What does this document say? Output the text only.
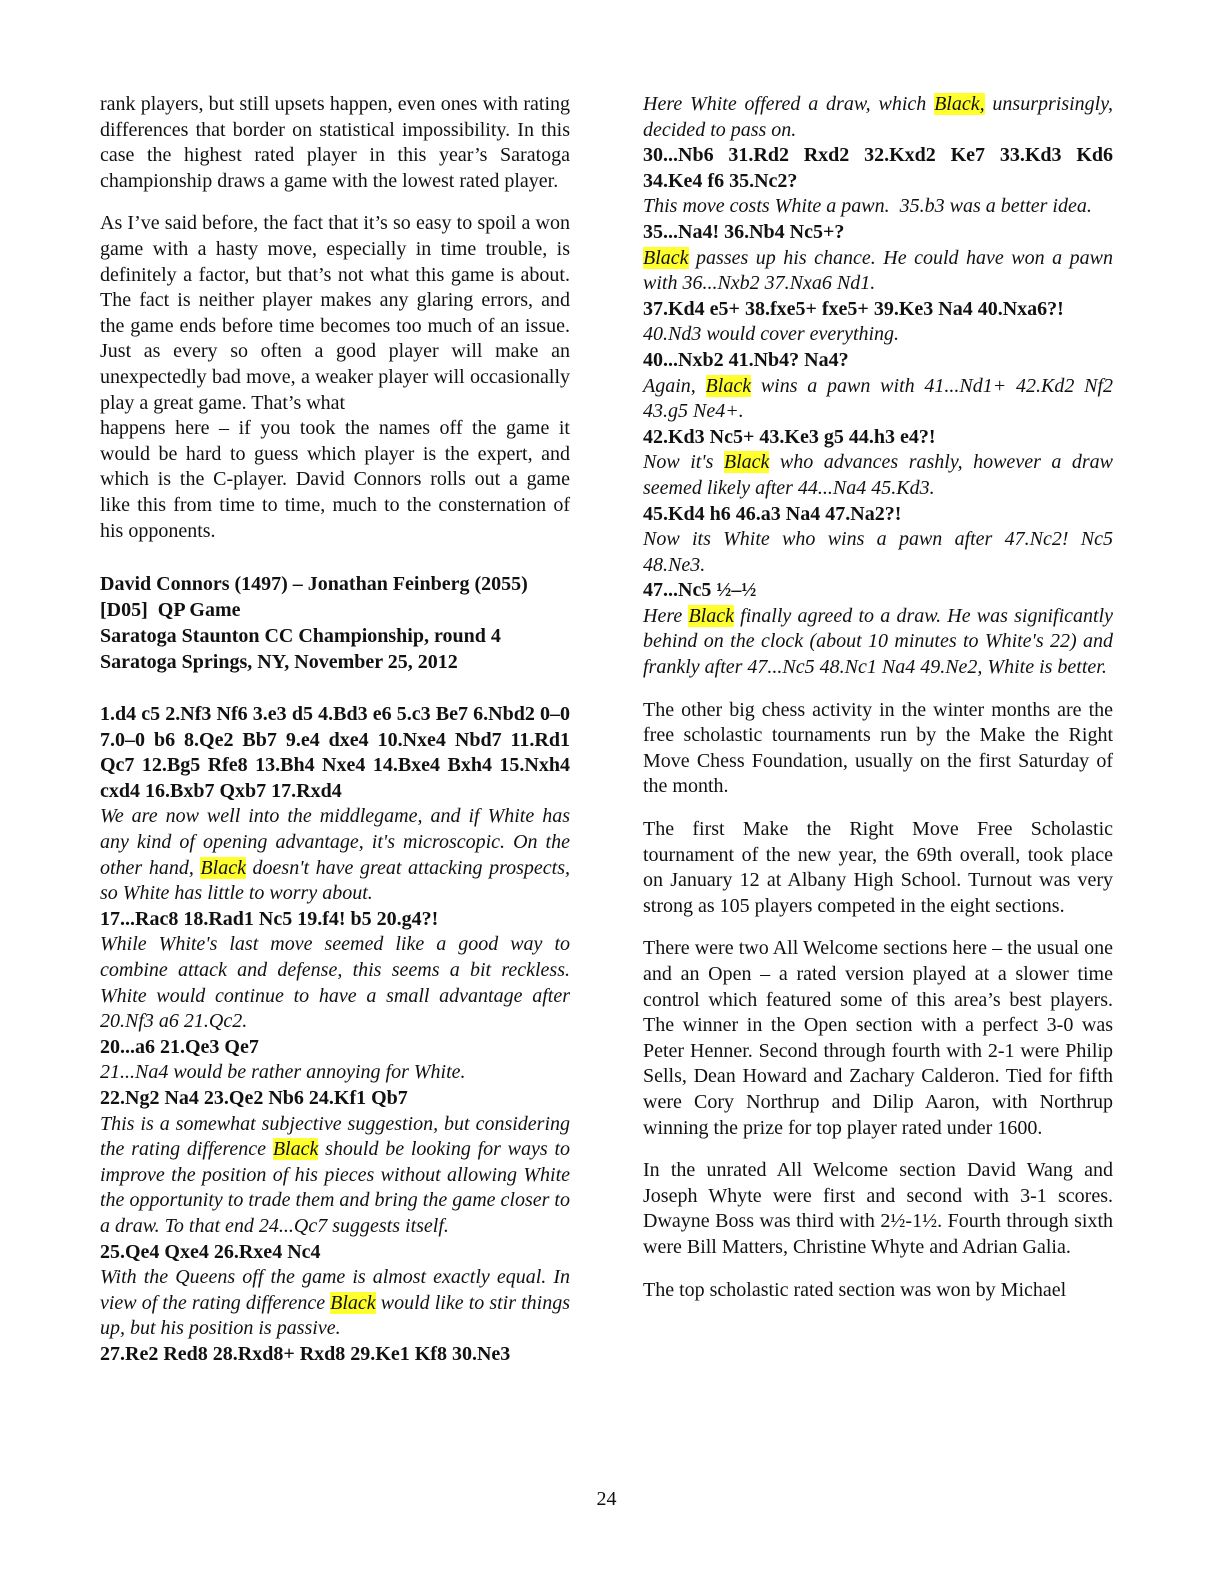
rank players, but still upsets happen, even ones with rating differences that border on statistical impossibility. In this case the highest rated player in this year’s Saratoga championship draws a game with the lowest rated player.

As I’ve said before, the fact that it’s so easy to spoil a won game with a hasty move, especially in time trouble, is definitely a factor, but that’s not what this game is about. The fact is neither player makes any glaring errors, and the game ends before time becomes too much of an issue. Just as every so often a good player will make an unexpectedly bad move, a weaker player will occasionally play a great game. That’s what

happens here – if you took the names off the game it would be hard to guess which player is the expert, and which is the C-player. David Connors rolls out a game like this from time to time, much to the consternation of his opponents.

David Connors (1497) – Jonathan Feinberg (2055)
[D05]  QP Game
Saratoga Staunton CC Championship, round 4
Saratoga Springs, NY, November 25, 2012

1.d4 c5 2.Nf3 Nf6 3.e3 d5 4.Bd3 e6 5.c3 Be7 6.Nbd2 0–0 7.0–0 b6 8.Qe2 Bb7 9.e4 dxe4 10.Nxe4 Nbd7 11.Rd1 Qc7 12.Bg5 Rfe8 13.Bh4 Nxe4 14.Bxe4 Bxh4 15.Nxh4 cxd4 16.Bxb7 Qxb7 17.Rxd4

We are now well into the middlegame, and if White has any kind of opening advantage, it's microscopic. On the other hand, Black doesn't have great attacking prospects, so White has little to worry about.

17...Rac8 18.Rad1 Nc5 19.f4! b5 20.g4?!

While White's last move seemed like a good way to combine attack and defense, this seems a bit reckless. White would continue to have a small advantage after 20.Nf3 a6 21.Qc2.

20...a6 21.Qe3 Qe7

21...Na4 would be rather annoying for White.

22.Ng2 Na4 23.Qe2 Nb6 24.Kf1 Qb7

This is a somewhat subjective suggestion, but considering the rating difference Black should be looking for ways to improve the position of his pieces without allowing White the opportunity to trade them and bring the game closer to a draw. To that end 24...Qc7 suggests itself.

25.Qe4 Qxe4 26.Rxe4 Nc4

With the Queens off the game is almost exactly equal. In view of the rating difference Black would like to stir things up, but his position is passive.

27.Re2 Red8 28.Rxd8+ Rxd8 29.Ke1 Kf8 30.Ne3

Here White offered a draw, which Black, unsurprisingly, decided to pass on.

30...Nb6 31.Rd2 Rxd2 32.Kxd2 Ke7 33.Kd3 Kd6 34.Ke4 f6 35.Nc2?

This move costs White a pawn.  35.b3 was a better idea.

35...Na4! 36.Nb4 Nc5+?

Black passes up his chance. He could have won a pawn with 36...Nxb2 37.Nxa6 Nd1.

37.Kd4 e5+ 38.fxe5+ fxe5+ 39.Ke3 Na4 40.Nxa6?!

40.Nd3 would cover everything.

40...Nxb2 41.Nb4? Na4?

Again, Black wins a pawn with 41...Nd1+ 42.Kd2 Nf2 43.g5 Ne4+.

42.Kd3 Nc5+ 43.Ke3 g5 44.h3 e4?!

Now it's Black who advances rashly, however a draw seemed likely after 44...Na4 45.Kd3.

45.Kd4 h6 46.a3 Na4 47.Na2?!

Now its White who wins a pawn after 47.Nc2! Nc5 48.Ne3.

47...Nc5 ½–½

Here Black finally agreed to a draw. He was significantly behind on the clock (about 10 minutes to White's 22) and frankly after 47...Nc5 48.Nc1 Na4 49.Ne2, White is better.

The other big chess activity in the winter months are the free scholastic tournaments run by the Make the Right Move Chess Foundation, usually on the first Saturday of the month.

The first Make the Right Move Free Scholastic tournament of the new year, the 69th overall, took place on January 12 at Albany High School. Turnout was very strong as 105 players competed in the eight sections.

There were two All Welcome sections here – the usual one and an Open – a rated version played at a slower time control which featured some of this area’s best players. The winner in the Open section with a perfect 3-0 was Peter Henner. Second through fourth with 2-1 were Philip Sells, Dean Howard and Zachary Calderon. Tied for fifth were Cory Northrup and Dilip Aaron, with Northrup winning the prize for top player rated under 1600.

In the unrated All Welcome section David Wang and Joseph Whyte were first and second with 3-1 scores. Dwayne Boss was third with 2½-1½. Fourth through sixth were Bill Matters, Christine Whyte and Adrian Galia.

The top scholastic rated section was won by Michael

24
